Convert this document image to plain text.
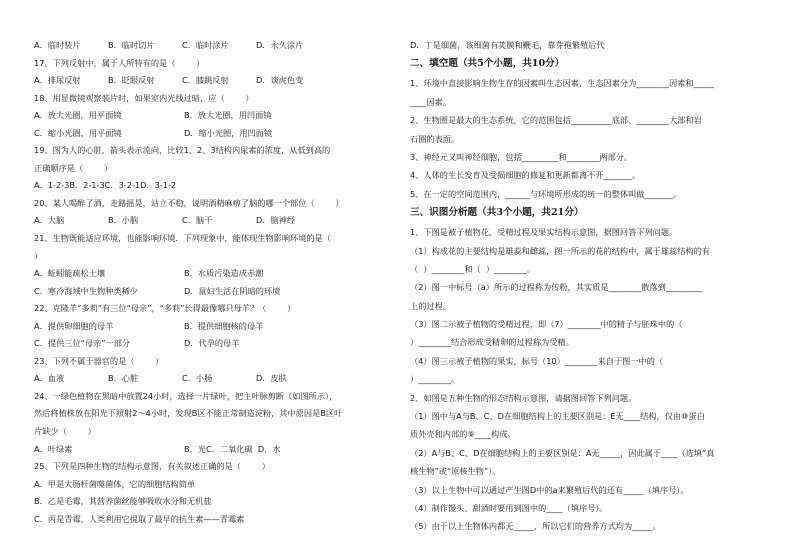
A．临时装片	B．临时切片	C．临时涂片	D．永久涂片
17、下列反射中，属于人所特有的是（        ）
A．排尿反射	B．眨眼反射	C．膝跳反射	D．谈虎色变
18、用显微镜观察装片时，如果室内光线过暗，应（        ）
A．放大光圈，用平面镜	B．放大光圈，用凹面镜
C．缩小光圈，用平面镜	D．缩小光圈，用凹面镜
19、图为人的心脏，箭头表示流向，比较1、2、3结构内尿素的浓度，从低到高的
正确顺序是（        ）
A．1-2-3B．2-1-3C．3-2-1D．3-1-2
20、某人喝醉了酒，走路摇晃，站立不稳，说明酒精麻痹了脑的哪一个部位（        ）
A．大脑	B．小脑	C．脑干	D．脑神经
21、生物既能适应环境，也能影响环境．下列现象中，能体现生物影响环境的是（
）
A．蚯蚓能疏松土壤	B．水质污染造成赤潮
C．寒冷海域中生物种类稀少	D．鼠妇生活在阴暗的环境
22、克隆羊“多莉”有三位“母亲”，“多莉”长得最像哪只母羊？（        ）
A．提供卵细胞的母羊	B．提供细胞核的母羊
C．提供三位“母亲”一部分	D．代孕的母羊
23、下列不属于器官的是（        ）
A．血液	B．心脏	C．小肠	D．皮肤
24、一绿色植物在黑暗中放置24小时，选择一片绿叶，把主叶脉剪断（如图所示），
然后将植株放在阳光下照射2～4小时，发现B区不能正常制造淀粉，其中原因是B区叶
片缺少（        ）
A．叶绿素	B．光C．二氧化碳  D．水
25、下列是四种生物的结构示意图，有关叙述正确的是（        ）
A．甲是大肠杆菌噬菌体，它的细胞结构简单
B．乙是毛霉，其营养菌丝能够吸收水分和无机盐
C．丙是青霉，人类利用它提取了最早的抗生素——青霉素
D．丁是细菌，该细菌有荚膜和鞭毛，靠芽孢繁殖后代
二、填空题（共5个小题，共10分）
1、环境中直接影响生物生存的因素叫生态因素，生态因素分为________因素和_____
____因素。
2、生物圈是最大的生态系统，它的范围包括__________底部、________大部和岩
石圈的表面。
3、神经元又叫神经细胞，包括_________和________两部分。
4、人体的生长发育及受损细胞的修复和更新都离不开_______。
5、在一定的空间范围内，______与环境所形成的统一的整体叫做_______。
三、识图分析题（共3个小题，共21分）
1、下图是被子植物花、受精过程及果实结构示意图，据图回答下列问题。
（1）构成花的主要结构是雄蕊和雌蕊，图一所示的花的结构中，属于雄蕊结构的有
（  ）________和（  ）________。
（2）图一中标号（a）所示的过程称为传粉，其实质是________散落到_________
上的过程。
（3）图二示被子植物的受精过程，即（7）________中的精子与胚珠中的（
）________结合形成受精卵的过程称为受精。
（4）图三示被子植物的果实，标号（10）________来自于图一中的（
）________。
2、如图是五种生物的形态结构示意图，请据图回答下列问题。
（1）图中与A与B、C、D在细胞结构上的主要区别是：E无____结构，仅由⑩蛋白
质外壳和内部的⑨____构成。
（2）A与B、C、D在细胞结构上的主要区别是：A无_____，因此属于____（选填“真
核生物”或“原核生物”）。
（3）以上生物中可以通过产生图D中的a来繁殖后代的还有_____（填序号）。
（4）制作馒头、甜酒时要用到图中的____（填序号）。
（5）由于以上生物体内都无_____，所以它们的营养方式均为_____。
